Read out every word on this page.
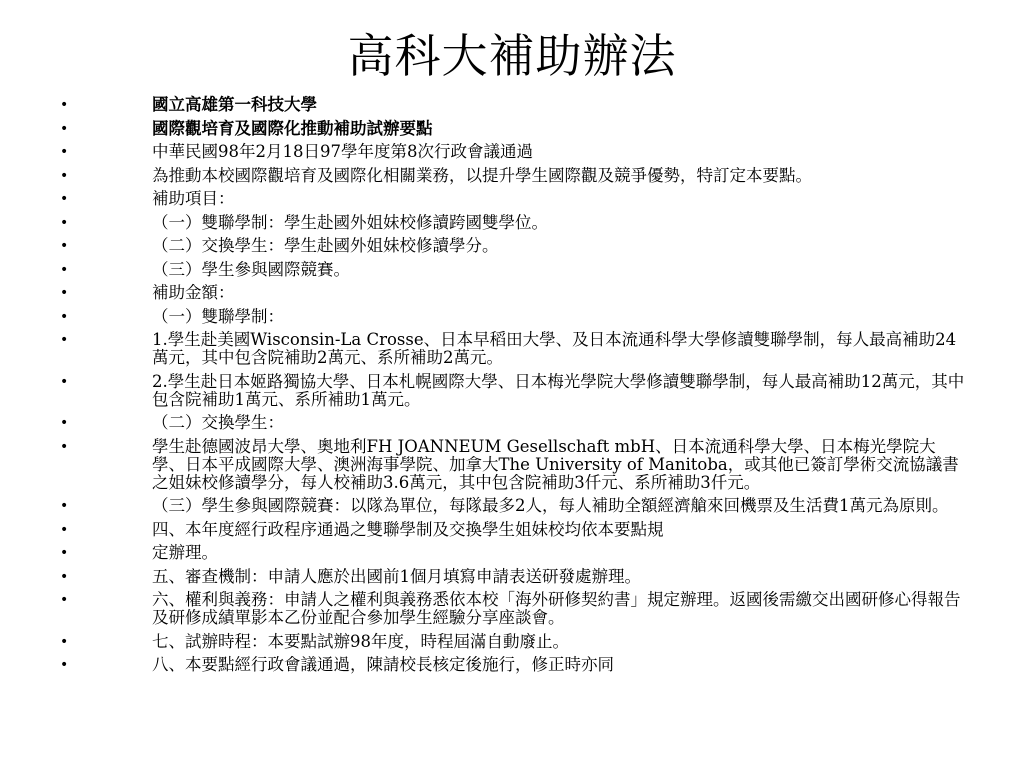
高科大補助辦法
•	國立高雄第一科技大學
•	國際觀培育及國際化推動補助試辦要點
•	中華民國98年2月18日97學年度第8次行政會議通過
•	為推動本校國際觀培育及國際化相關業務，以提升學生國際觀及競爭優勢，特訂定本要點。
•	補助項目：
•	（一）雙聯學制：學生赴國外姐妹校修讀跨國雙學位。
•	（二）交換學生：學生赴國外姐妹校修讀學分。
•	（三）學生參與國際競賽。
•	補助金額：
•	（一）雙聯學制：
•	1.學生赴美國Wisconsin-La Crosse、日本早稻田大學、及日本流通科學大學修讀雙聯學制，每人最高補助24萬元，其中包含院補助2萬元、系所補助2萬元。
•	2.學生赴日本姬路獨協大學、日本札幌國際大學、日本梅光學院大學修讀雙聯學制，每人最高補助12萬元，其中包含院補助1萬元、系所補助1萬元。
•	（二）交換學生：
•	學生赴德國波昂大學、奧地利FH JOANNEUM Gesellschaft mbH、日本流通科學大學、日本梅光學院大學、日本平成國際大學、澳洲海事學院、加拿大The University of Manitoba，或其他已簽訂學術交流協議書之姐妹校修讀學分，每人校補助3.6萬元，其中包含院補助3仟元、系所補助3仟元。
•	（三）學生參與國際競賽：以隊為單位，每隊最多2人，每人補助全額經濟艙來回機票及生活費1萬元為原則。
•	四、本年度經行政程序通過之雙聯學制及交換學生姐妹校均依本要點規
•	定辦理。
•	五、審查機制：申請人應於出國前1個月填寫申請表送研發處辦理。
•	六、權利與義務：申請人之權利與義務悉依本校「海外研修契約書」規定辦理。返國後需繳交出國研修心得報告及研修成績單影本乙份並配合參加學生經驗分享座談會。
•	七、試辦時程：本要點試辦98年度，時程屆滿自動廢止。
•	八、本要點經行政會議通過，陳請校長核定後施行，修正時亦同
